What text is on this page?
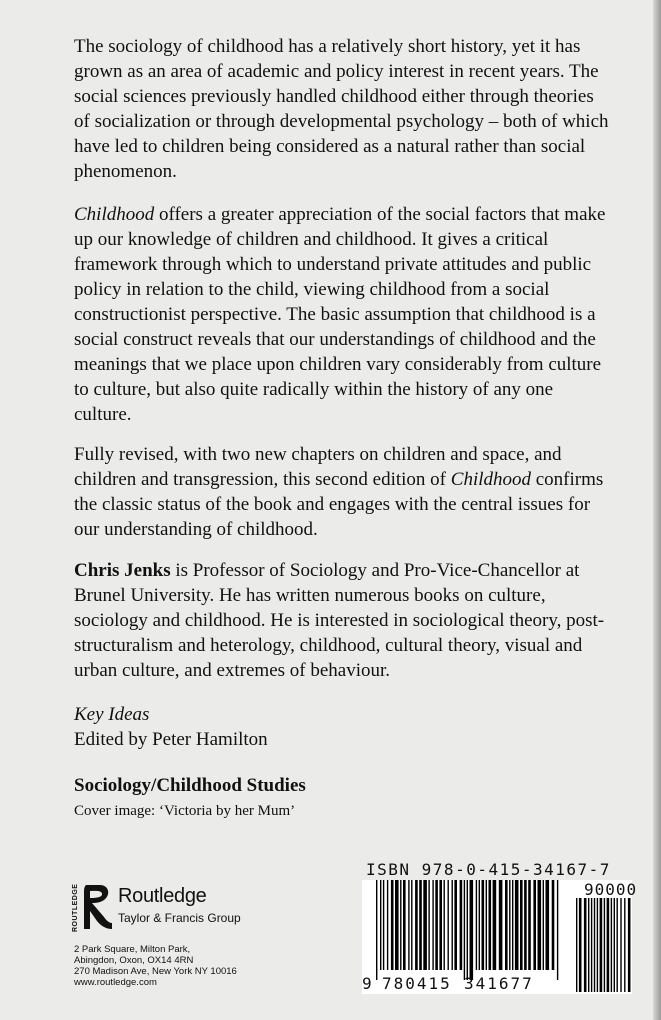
The sociology of childhood has a relatively short history, yet it has grown as an area of academic and policy interest in recent years. The social sciences previously handled childhood either through theories of socialization or through developmental psychology – both of which have led to children being considered as a natural rather than social phenomenon.

Childhood offers a greater appreciation of the social factors that make up our knowledge of children and childhood. It gives a critical framework through which to understand private attitudes and public policy in relation to the child, viewing childhood from a social constructionist perspective. The basic assumption that childhood is a social construct reveals that our understandings of childhood and the meanings that we place upon children vary considerably from culture to culture, but also quite radically within the history of any one culture.

Fully revised, with two new chapters on children and space, and children and transgression, this second edition of Childhood confirms the classic status of the book and engages with the central issues for our understanding of childhood.

Chris Jenks is Professor of Sociology and Pro-Vice-Chancellor at Brunel University. He has written numerous books on culture, sociology and childhood. He is interested in sociological theory, post-structuralism and heterology, childhood, cultural theory, visual and urban culture, and extremes of behaviour.

Key Ideas
Edited by Peter Hamilton
Sociology/Childhood Studies
Cover image: ‘Victoria by her Mum’
ROUTLEDGE Routledge
Taylor & Francis Group
2 Park Square, Milton Park,
Abingdon, Oxon, OX14 4RN
270 Madison Ave, New York NY 10016
www.routledge.com
ISBN 978-0-415-34167-7
9 780415 341677
90000
